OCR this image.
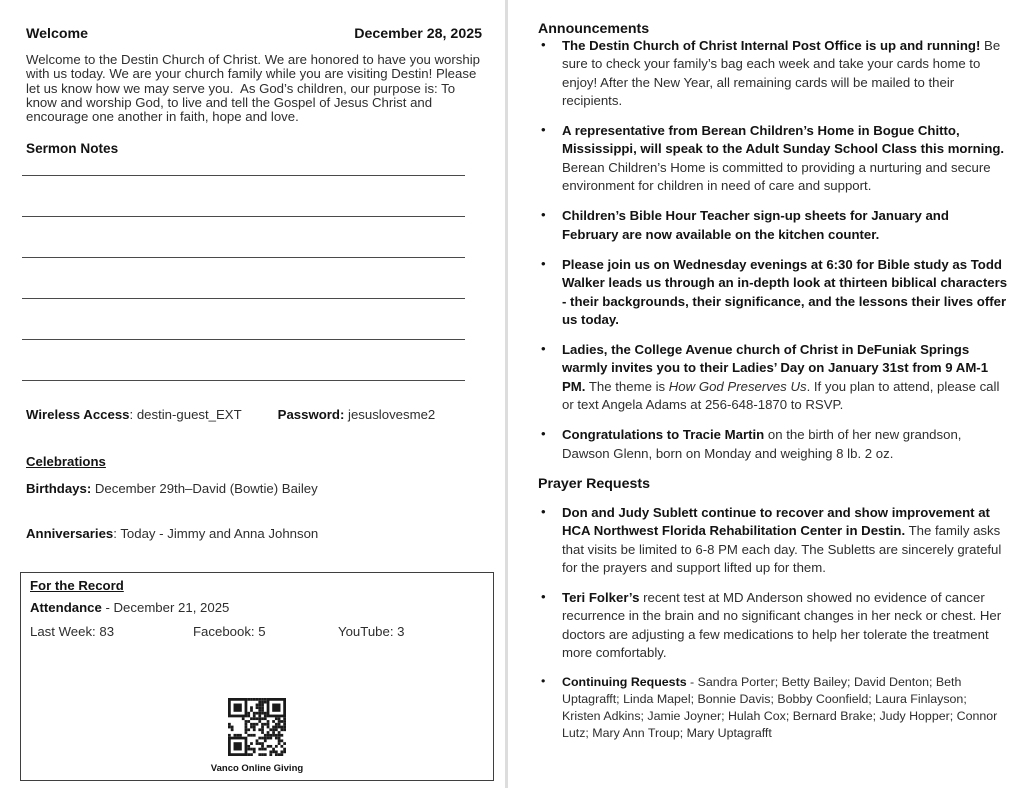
Welcome	December 28, 2025

Welcome to the Destin Church of Christ. We are honored to have you worship with us today. We are your church family while you are visiting Destin! Please let us know how we may serve you.  As God’s children, our purpose is: To know and worship God, to live and tell the Gospel of Jesus Christ and encourage one another in faith, hope and love.

Sermon Notes
Wireless Access: destin-guest_EXT	Password: jesuslovesme2
Celebrations
Birthdays: December 29th–David (Bowtie) Bailey
Anniversaries: Today - Jimmy and Anna Johnson
For the Record
Attendance - December 21, 2025
Last Week: 83	Facebook: 5	YouTube: 3
Vanco Online Giving
Announcements
• The Destin Church of Christ Internal Post Office is up and running! Be sure to check your family’s bag each week and take your cards home to enjoy! After the New Year, all remaining cards will be mailed to their recipients.
• A representative from Berean Children’s Home in Bogue Chitto, Mississippi, will speak to the Adult Sunday School Class this morning. Berean Children’s Home is committed to providing a nurturing and secure environment for children in need of care and support.
• Children’s Bible Hour Teacher sign-up sheets for January and February are now available on the kitchen counter.
• Please join us on Wednesday evenings at 6:30 for Bible study as Todd Walker leads us through an in-depth look at thirteen biblical characters - their backgrounds, their significance, and the lessons their lives offer us today.
• Ladies, the College Avenue church of Christ in DeFuniak Springs warmly invites you to their Ladies’ Day on January 31st from 9 AM-1 PM. The theme is How God Preserves Us. If you plan to attend, please call or text Angela Adams at 256-648-1870 to RSVP.
• Congratulations to Tracie Martin on the birth of her new grandson, Dawson Glenn, born on Monday and weighing 8 lb. 2 oz.
Prayer Requests
• Don and Judy Sublett continue to recover and show improvement at HCA Northwest Florida Rehabilitation Center in Destin. The family asks that visits be limited to 6-8 PM each day. The Subletts are sincerely grateful for the prayers and support lifted up for them.
• Teri Folker’s recent test at MD Anderson showed no evidence of cancer recurrence in the brain and no significant changes in her neck or chest. Her doctors are adjusting a few medications to help her tolerate the treatment more comfortably.
• Continuing Requests - Sandra Porter; Betty Bailey; David Denton; Beth Uptagrafft; Linda Mapel; Bonnie Davis; Bobby Coonfield; Laura Finlayson; Kristen Adkins; Jamie Joyner; Hulah Cox; Bernard Brake; Judy Hopper; Connor Lutz; Mary Ann Troup; Mary Uptagrafft
